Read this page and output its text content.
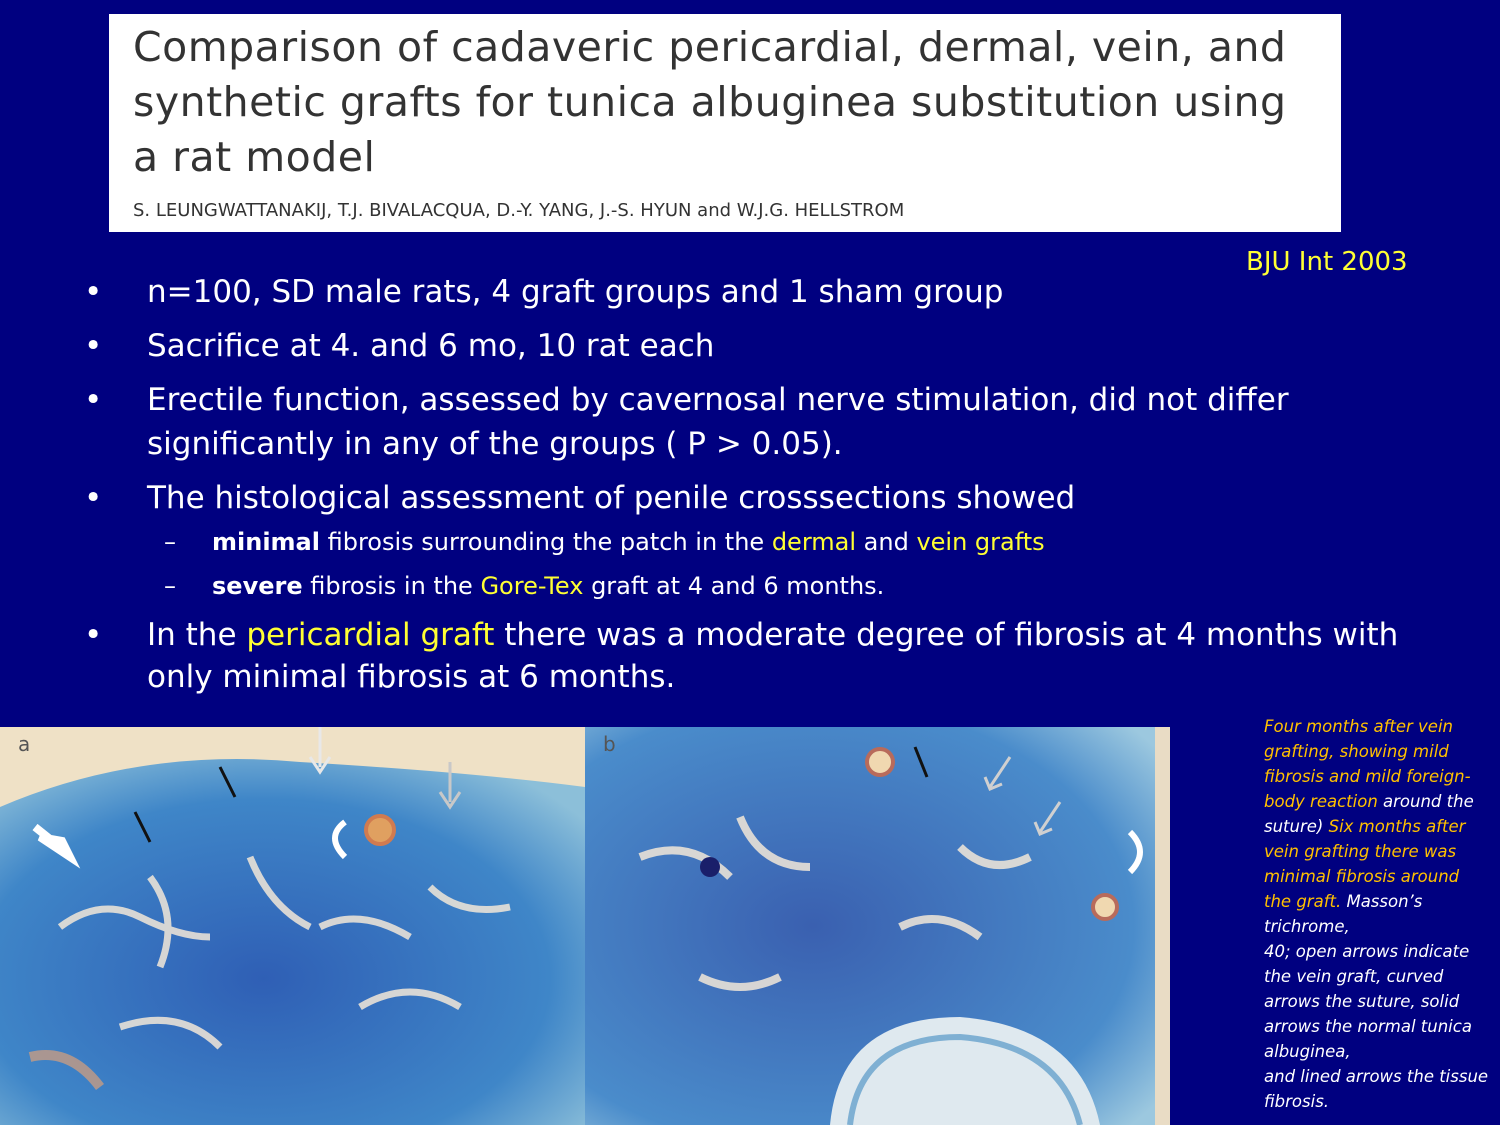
Comparison of cadaveric pericardial, dermal, vein, and
synthetic grafts for tunica albuginea substitution using
a rat model
S. LEUNGWATTANAKIJ, T.J. BIVALACQUA, D.-Y. YANG, J.-S. HYUN and W.J.G. HELLSTROM
BJU Int 2003
•	n=100, SD male rats, 4 graft groups and 1 sham group
•	Sacrifice at 4. and 6 mo, 10 rat each
•	Erectile function, assessed by cavernosal nerve stimulation, did not differ significantly in any of the groups ( P > 0.05).
•	The histological assessment of penile crosssections showed
– minimal fibrosis surrounding the patch in the dermal and vein grafts
– severe fibrosis in the Gore-Tex graft at 4 and 6 months.
•	In the pericardial graft there was a moderate degree of fibrosis at 4 months with only minimal fibrosis at 6 months.
a	b
Four months after vein grafting, showing mild fibrosis and mild foreign-body reaction around the suture) Six months after vein grafting there was minimal fibrosis around the graft. Masson’s trichrome,
40; open arrows indicate the vein graft, curved arrows the suture, solid arrows the normal tunica albuginea,
and lined arrows the tissue fibrosis.
